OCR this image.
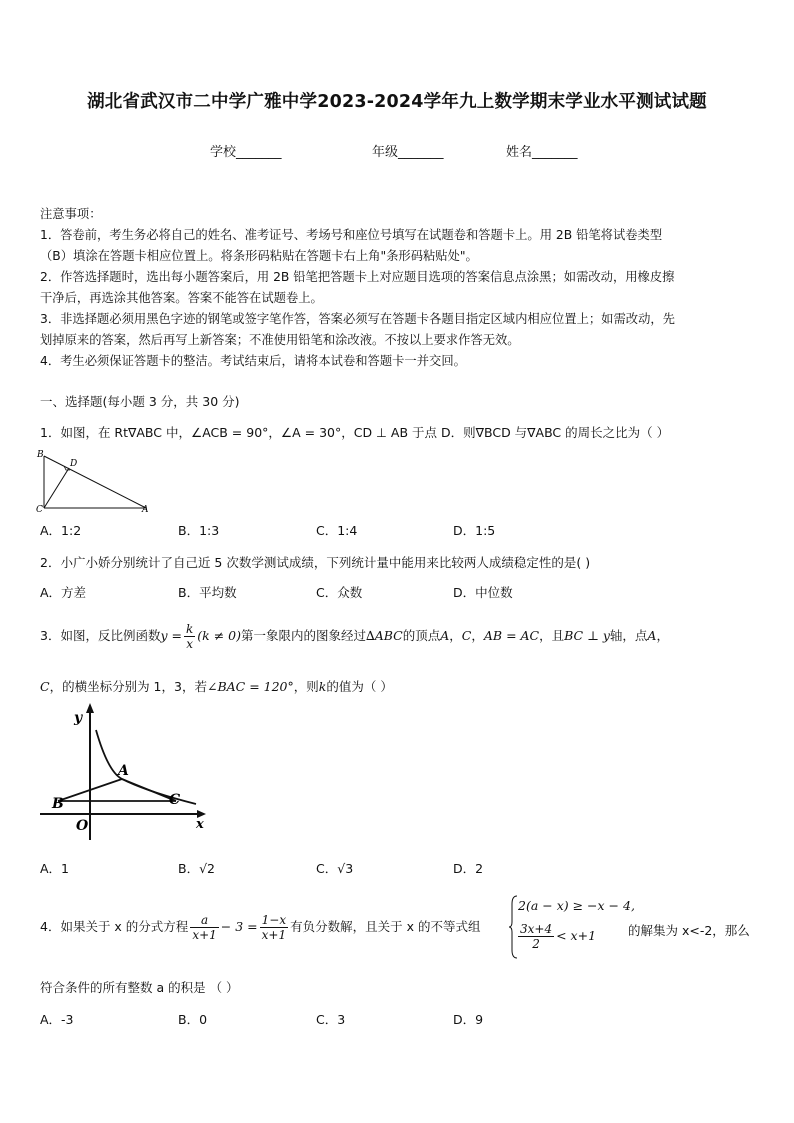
湖北省武汉市二中学广雅中学2023-2024学年九上数学期末学业水平测试试题
学校_______	年级_______	姓名_______
注意事项：
1．答卷前，考生务必将自己的姓名、准考证号、考场号和座位号填写在试题卷和答题卡上。用 2B 铅笔将试卷类型
（B）填涂在答题卡相应位置上。将条形码粘贴在答题卡右上角"条形码粘贴处"。
2．作答选择题时，选出每小题答案后，用 2B 铅笔把答题卡上对应题目选项的答案信息点涂黑；如需改动，用橡皮擦
干净后，再选涂其他答案。答案不能答在试题卷上。
3．非选择题必须用黑色字迹的钢笔或签字笔作答，答案必须写在答题卡各题目指定区域内相应位置上；如需改动，先
划掉原来的答案，然后再写上新答案；不准使用铅笔和涂改液。不按以上要求作答无效。
4．考生必须保证答题卡的整洁。考试结束后，请将本试卷和答题卡一并交回。
一、选择题(每小题 3 分，共 30 分)
1．如图，在 Rt∇ABC 中，∠ACB = 90°，∠A = 30°，CD ⊥ AB 于点 D．则∇BCD 与∇ABC 的周长之比为（ ）
B
D
C	A
A．1:2	B．1:3	C．1:4	D．1:5
2．小广小娇分别统计了自己近 5 次数学测试成绩，下列统计量中能用来比较两人成绩稳定性的是( )
A．方差	B．平均数	C．众数	D．中位数
3．如图，反比例函数$y = \frac{k}{x} (k \ne 0)$第一象限内的图象经过∆ABC的顶点A，C，AB = AC，且BC ⊥ y轴，点A，
C，的横坐标分别为 1，3，若∠BAC = 120°，则k的值为（ ）
y
x
O
A
B	C
A．1	B．√2	C．√3	D．2
4．如果关于 x 的分式方程 $\frac{a}{x+1} - 3 = \frac{1-x}{x+1}$ 有负分数解，且关于 x 的不等式组
2(a − x) ≥ −x − 4,
$\frac{3x+4}{2} < x+1$	的解集为 x<-2，那么
符合条件的所有整数 a 的积是 （ ）
A．-3	B．0	C．3	D．9
